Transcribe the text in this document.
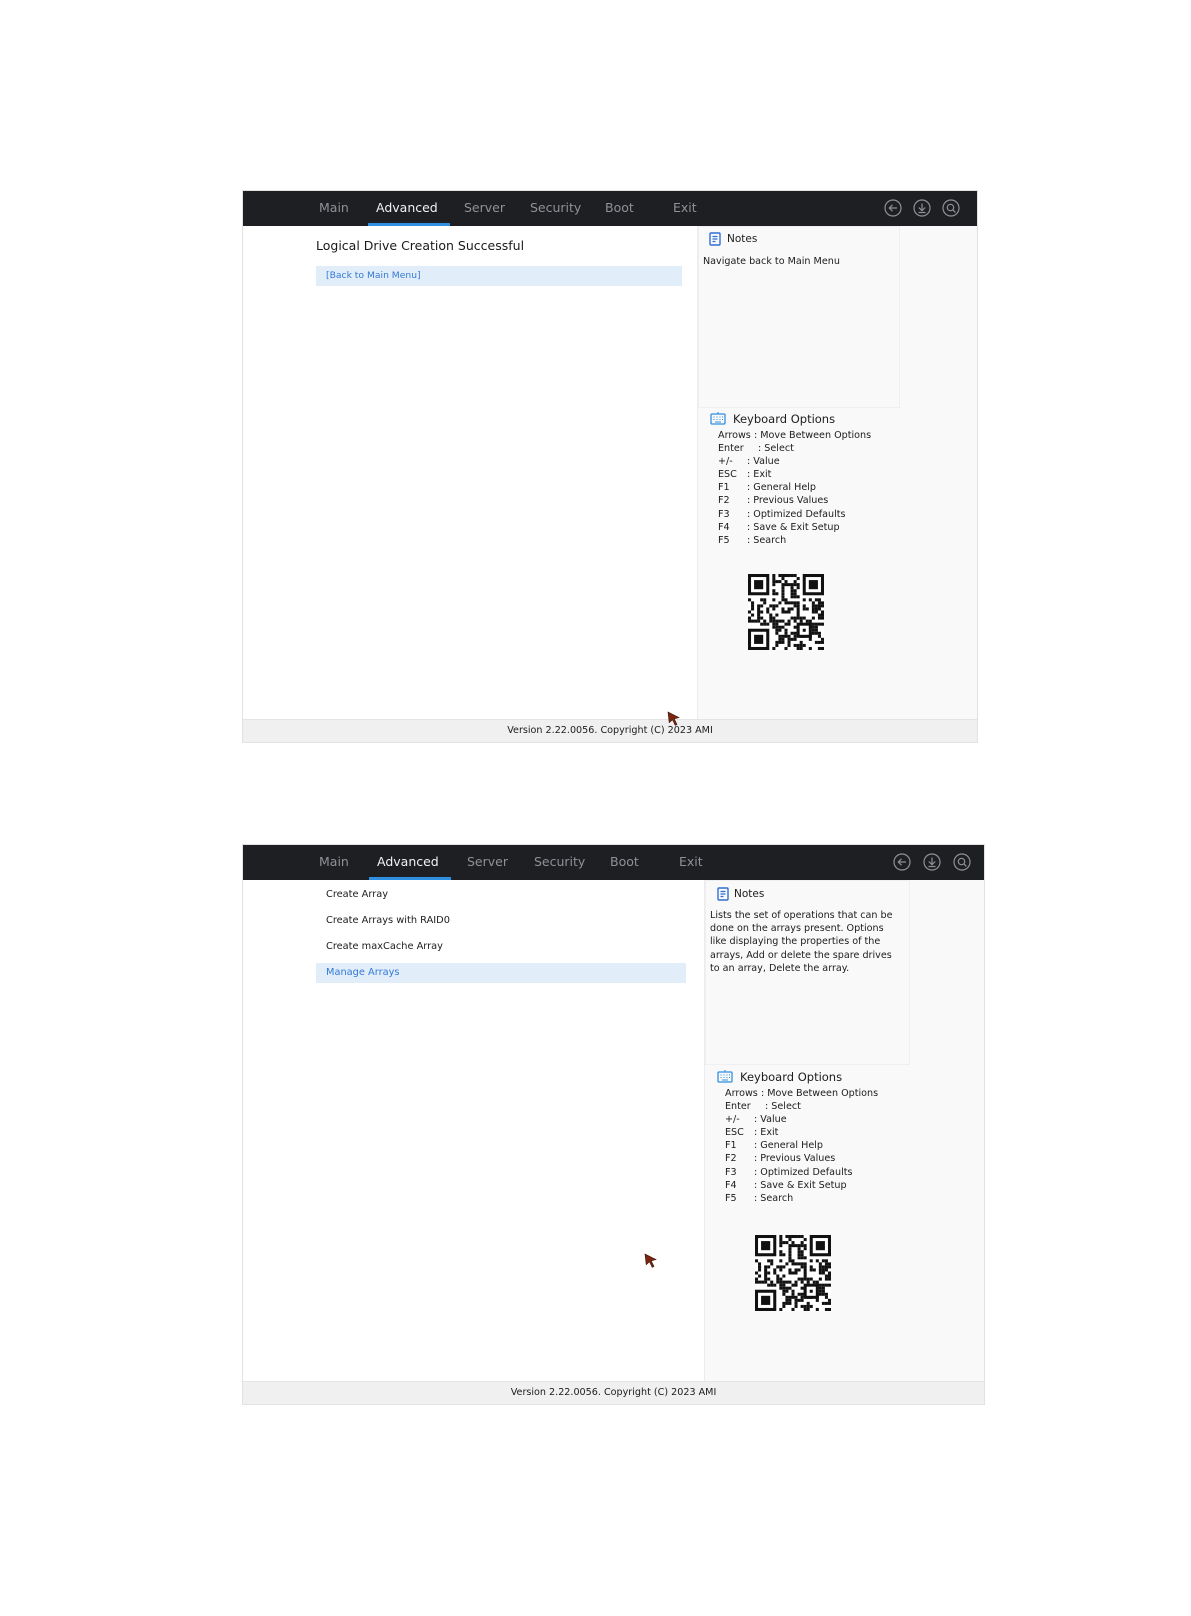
Main Advanced Server Security Boot	Exit
Logical Drive Creation Successful
[Back to Main Menu]
Notes
Navigate back to Main Menu
Keyboard Options
Arrows : Move Between Options
Enter : Select
+/- : Value
ESC : Exit
F1 : General Help
F2 : Previous Values
F3 : Optimized Defaults
F4 : Save & Exit Setup
F5 : Search
Version 2.22.0056. Copyright (C) 2023 AMI
Main Advanced Server Security Boot	Exit
Create Array
Create Arrays with RAID0
Create maxCache Array
Manage Arrays
Notes
Lists the set of operations that can be done on the arrays present. Options like displaying the properties of the arrays, Add or delete the spare drives to an array, Delete the array.
Keyboard Options
Arrows : Move Between Options
Enter : Select
+/- : Value
ESC : Exit
F1 : General Help
F2 : Previous Values
F3 : Optimized Defaults
F4 : Save & Exit Setup
F5 : Search
Version 2.22.0056. Copyright (C) 2023 AMI
